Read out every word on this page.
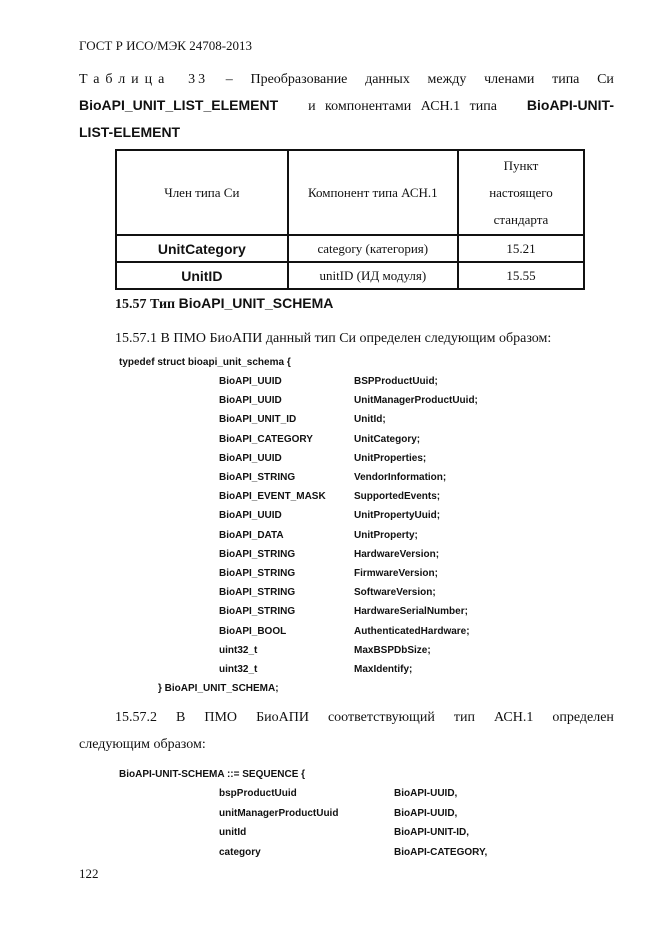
ГОСТ Р ИСО/МЭК 24708-2013
Таблица 33 – Преобразование данных между членами типа Си
BioAPI_UNIT_LIST_ELEMENT и компонентами АСН.1 типа BioAPI-UNIT-
LIST-ELEMENT
Член типа Си	Компонент типа АСН.1	Пункт
настоящего
стандарта

UnitCategory	category (категория)	15.21
UnitID	unitID (ИД модуля)	15.55
15.57 Тип BioAPI_UNIT_SCHEMA
15.57.1 В ПМО БиоАПИ данный тип Си определен следующим образом:
typedef struct bioapi_unit_schema {
BioAPI_UUID	BSPProductUuid;
BioAPI_UUID	UnitManagerProductUuid;
BioAPI_UNIT_ID	UnitId;
BioAPI_CATEGORY	UnitCategory;
BioAPI_UUID	UnitProperties;
BioAPI_STRING	VendorInformation;
BioAPI_EVENT_MASK	SupportedEvents;
BioAPI_UUID	UnitPropertyUuid;
BioAPI_DATA	UnitProperty;
BioAPI_STRING	HardwareVersion;
BioAPI_STRING	FirmwareVersion;
BioAPI_STRING	SoftwareVersion;
BioAPI_STRING	HardwareSerialNumber;
BioAPI_BOOL	AuthenticatedHardware;
uint32_t	MaxBSPDbSize;
uint32_t	MaxIdentify;
} BioAPI_UNIT_SCHEMA;
15.57.2 В ПМО БиоАПИ соответствующий тип АСН.1 определен
следующим образом:
BioAPI-UNIT-SCHEMA ::= SEQUENCE {
bspProductUuid	BioAPI-UUID,
unitManagerProductUuid	BioAPI-UUID,
unitId	BioAPI-UNIT-ID,
category	BioAPI-CATEGORY,
122
